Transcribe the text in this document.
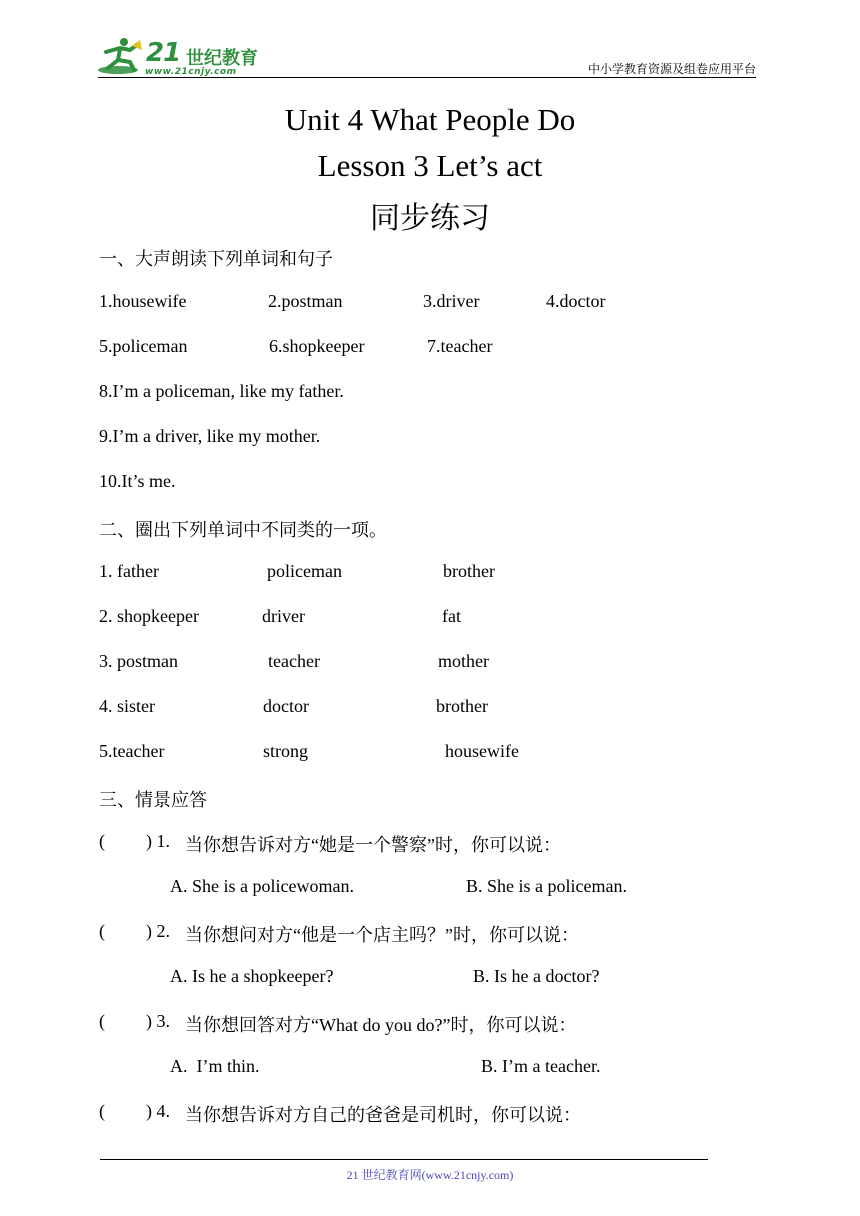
21 世纪教育
www.21cnjy.com	中小学教育资源及组卷应用平台
Unit 4 What People Do
Lesson 3 Let’s act
同步练习
一、大声朗读下列单词和句子
1.housewife	2.postman	3.driver	4.doctor
5.policeman	6.shopkeeper	7.teacher
8.I’m a policeman, like my father.
9.I’m a driver, like my mother.
10.It’s me.
二、圈出下列单词中不同类的一项。
1. father	policeman	brother
2. shopkeeper	driver	fat
3. postman	teacher	mother
4. sister	doctor	brother
5.teacher	strong	housewife
三、情景应答
( ) 1. 当你想告诉对方“她是一个警察”时，你可以说：
A. She is a policewoman.	B. She is a policeman.
( ) 2. 当你想问对方“他是一个店主吗？”时，你可以说：
A. Is he a shopkeeper?	B. Is he a doctor?
( ) 3. 当你想回答对方“What do you do?”时，你可以说：
A.  I’m thin.	B. I’m a teacher.
( ) 4. 当你想告诉对方自己的爸爸是司机时，你可以说：
21 世纪教育网(www.21cnjy.com)
